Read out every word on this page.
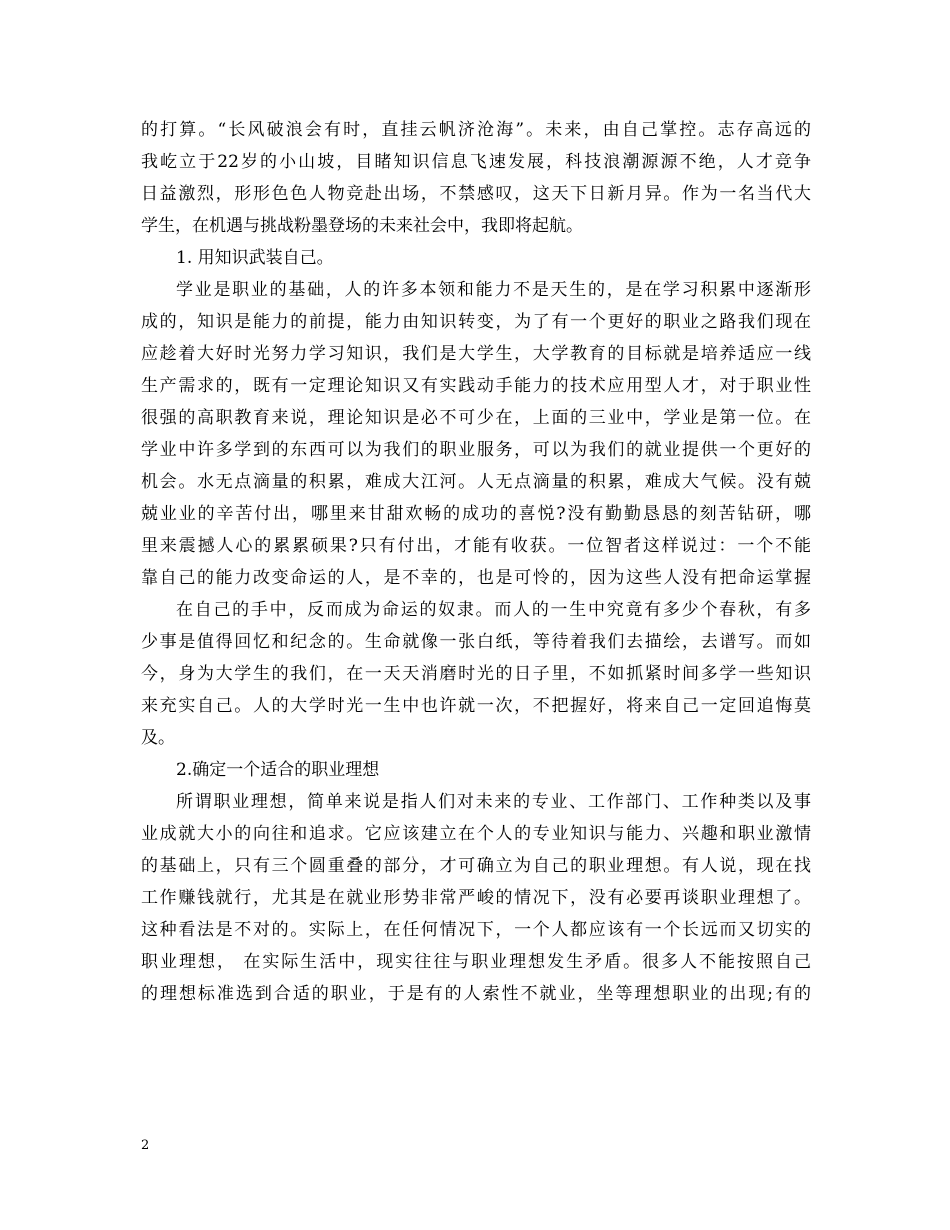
的打算。“长风破浪会有时，直挂云帆济沧海”。未来，由自己掌控。志存高远的
我屹立于22岁的小山坡，目睹知识信息飞速发展，科技浪潮源源不绝，人才竞争
日益激烈，形形色色人物竞赴出场，不禁感叹，这天下日新月异。作为一名当代大
学生，在机遇与挑战粉墨登场的未来社会中，我即将起航。
1. 用知识武装自己。
学业是职业的基础，人的许多本领和能力不是天生的，是在学习积累中逐渐形
成的，知识是能力的前提，能力由知识转变，为了有一个更好的职业之路我们现在
应趁着大好时光努力学习知识，我们是大学生，大学教育的目标就是培养适应一线
生产需求的，既有一定理论知识又有实践动手能力的技术应用型人才，对于职业性
很强的高职教育来说，理论知识是必不可少在，上面的三业中，学业是第一位。在
学业中许多学到的东西可以为我们的职业服务，可以为我们的就业提供一个更好的
机会。水无点滴量的积累，难成大江河。人无点滴量的积累，难成大气候。没有兢
兢业业的辛苦付出，哪里来甘甜欢畅的成功的喜悦?没有勤勤恳恳的刻苦钻研，哪
里来震撼人心的累累硕果?只有付出，才能有收获。一位智者这样说过：一个不能
靠自己的能力改变命运的人，是不幸的，也是可怜的，因为这些人没有把命运掌握
在自己的手中，反而成为命运的奴隶。而人的一生中究竟有多少个春秋，有多
少事是值得回忆和纪念的。生命就像一张白纸，等待着我们去描绘，去谱写。而如
今，身为大学生的我们，在一天天消磨时光的日子里，不如抓紧时间多学一些知识
来充实自己。人的大学时光一生中也许就一次，不把握好，将来自己一定回追悔莫
及。
2.确定一个适合的职业理想
所谓职业理想，简单来说是指人们对未来的专业、工作部门、工作种类以及事
业成就大小的向往和追求。它应该建立在个人的专业知识与能力、兴趣和职业激情
的基础上，只有三个圆重叠的部分，才可确立为自己的职业理想。有人说，现在找
工作赚钱就行，尤其是在就业形势非常严峻的情况下，没有必要再谈职业理想了。
这种看法是不对的。实际上，在任何情况下，一个人都应该有一个长远而又切实的
职业理想， 在实际生活中，现实往往与职业理想发生矛盾。很多人不能按照自己
的理想标准选到合适的职业，于是有的人索性不就业，坐等理想职业的出现;有的
2
